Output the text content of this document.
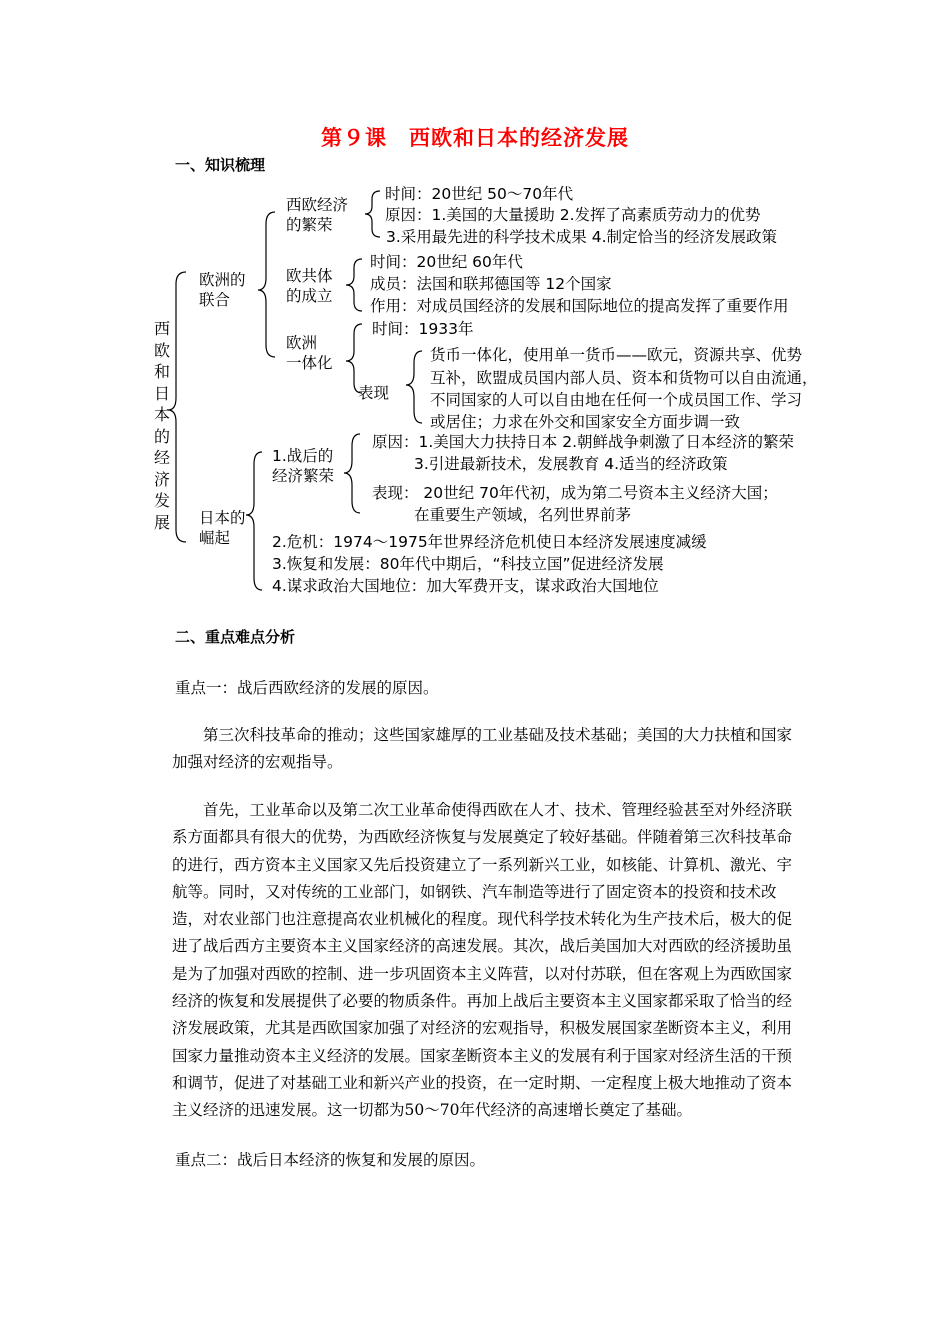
第９课　西欧和日本的经济发展
一、知识梳理
西欧和日本的经济发展
欧洲的
联合
西欧经济
的繁荣
时间：20世纪 50～70年代
原因：1.美国的大量援助 2.发挥了高素质劳动力的优势
3.采用最先进的科学技术成果 4.制定恰当的经济发展政策
欧共体
的成立
时间：20世纪 60年代
成员：法国和联邦德国等 12个国家
作用：对成员国经济的发展和国际地位的提高发挥了重要作用
欧洲
一体化
时间：1933年
表现
货币一体化，使用单一货币——欧元，资源共享、优势
互补，欧盟成员国内部人员、资本和货物可以自由流通，
不同国家的人可以自由地在任何一个成员国工作、学习
或居住；力求在外交和国家安全方面步调一致
日本的
崛起
1.战后的
经济繁荣
原因：1.美国大力扶持日本 2.朝鲜战争刺激了日本经济的繁荣
3.引进最新技术，发展教育 4.适当的经济政策
表现： 20世纪 70年代初，成为第二号资本主义经济大国；
在重要生产领域，名列世界前茅
2.危机：1974～1975年世界经济危机使日本经济发展速度减缓
3.恢复和发展：80年代中期后，“科技立国”促进经济发展
4.谋求政治大国地位：加大军费开支，谋求政治大国地位
二、重点难点分析
重点一：战后西欧经济的发展的原因。
第三次科技革命的推动；这些国家雄厚的工业基础及技术基础；美国的大力扶植和国家加强对经济的宏观指导。
首先，工业革命以及第二次工业革命使得西欧在人才、技术、管理经验甚至对外经济联系方面都具有很大的优势，为西欧经济恢复与发展奠定了较好基础。伴随着第三次科技革命的进行，西方资本主义国家又先后投资建立了一系列新兴工业，如核能、计算机、激光、宇航等。同时，又对传统的工业部门，如钢铁、汽车制造等进行了固定资本的投资和技术改造，对农业部门也注意提高农业机械化的程度。现代科学技术转化为生产技术后，极大的促进了战后西方主要资本主义国家经济的高速发展。其次，战后美国加大对西欧的经济援助虽是为了加强对西欧的控制、进一步巩固资本主义阵营，以对付苏联，但在客观上为西欧国家经济的恢复和发展提供了必要的物质条件。再加上战后主要资本主义国家都采取了恰当的经济发展政策，尤其是西欧国家加强了对经济的宏观指导，积极发展国家垄断资本主义，利用国家力量推动资本主义经济的发展。国家垄断资本主义的发展有利于国家对经济生活的干预和调节，促进了对基础工业和新兴产业的投资，在一定时期、一定程度上极大地推动了资本主义经济的迅速发展。这一切都为50～70年代经济的高速增长奠定了基础。
重点二：战后日本经济的恢复和发展的原因。
